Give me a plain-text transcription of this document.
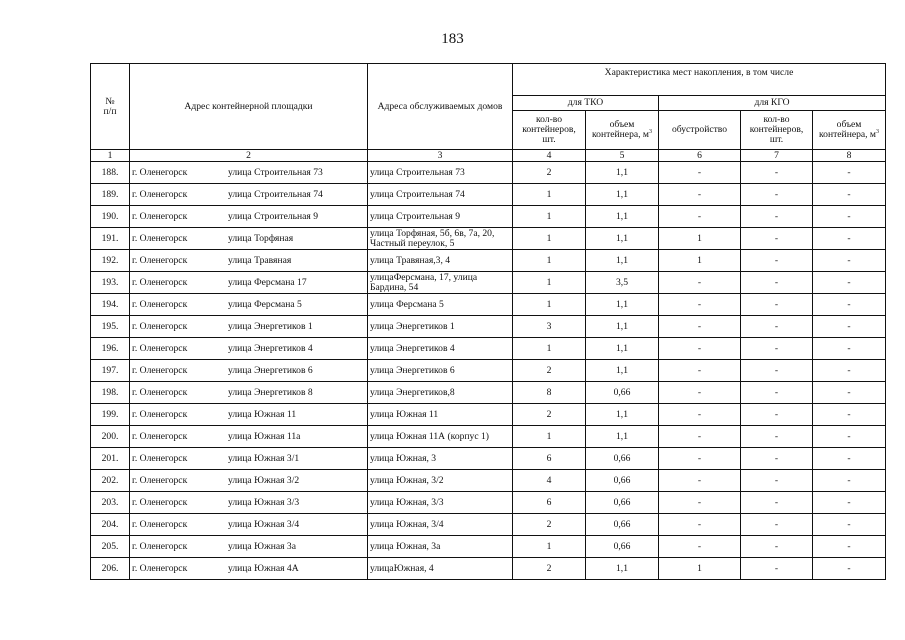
183
№
п/п	Адрес контейнерной площадки	Адреса обслуживаемых домов	Характеристика мест накопления, в том числе				
			для ТКО		для КГО		
			кол-во контейнеров, шт.	объем контейнера, $м^3$	обустройство	кол-во контейнеров, шт.	объем контейнера, $м^3$
1	2	3	4	5	6	7	8
188.	г. Оленегорск улица Строительная 73	улица Строительная 73	2	1,1	-	-	-
189.	г. Оленегорск улица Строительная 74	улица Строительная 74	1	1,1	-	-	-
190.	г. Оленегорск улица Строительная 9	улица Строительная 9	1	1,1	-	-	-
191.	г. Оленегорск улица Торфяная	улица Торфяная, 5б, 6в, 7а, 20, Частный переулок, 5	1	1,1	1	-	-
192.	г. Оленегорск улица Травяная	улица Травяная,3, 4	1	1,1	1	-	-
193.	г. Оленегорск улица Ферсмана 17	улицаФерсмана, 17, улица Бардина, 54	1	3,5	-	-	-
194.	г. Оленегорск улица Ферсмана 5	улица Ферсмана 5	1	1,1	-	-	-
195.	г. Оленегорск улица Энергетиков 1	улица Энергетиков 1	3	1,1	-	-	-
196.	г. Оленегорск улица Энергетиков 4	улица Энергетиков 4	1	1,1	-	-	-
197.	г. Оленегорск улица Энергетиков 6	улица Энергетиков 6	2	1,1	-	-	-
198.	г. Оленегорск улица Энергетиков 8	улица Энергетиков,8	8	0,66	-	-	-
199.	г. Оленегорск улица Южная 11	улица Южная 11	2	1,1	-	-	-
200.	г. Оленегорск улица Южная 11а	улица Южная 11А (корпус 1)	1	1,1	-	-	-
201.	г. Оленегорск улица Южная 3/1	улица Южная, 3	6	0,66	-	-	-
202.	г. Оленегорск улица Южная 3/2	улица Южная, 3/2	4	0,66	-	-	-
203.	г. Оленегорск улица Южная 3/3	улица Южная, 3/3	6	0,66	-	-	-
204.	г. Оленегорск улица Южная 3/4	улица Южная, 3/4	2	0,66	-	-	-
205.	г. Оленегорск улица Южная 3а	улица Южная, 3а	1	0,66	-	-	-
206.	г. Оленегорск улица Южная 4А	улицаЮжная, 4	2	1,1	1	-	-
